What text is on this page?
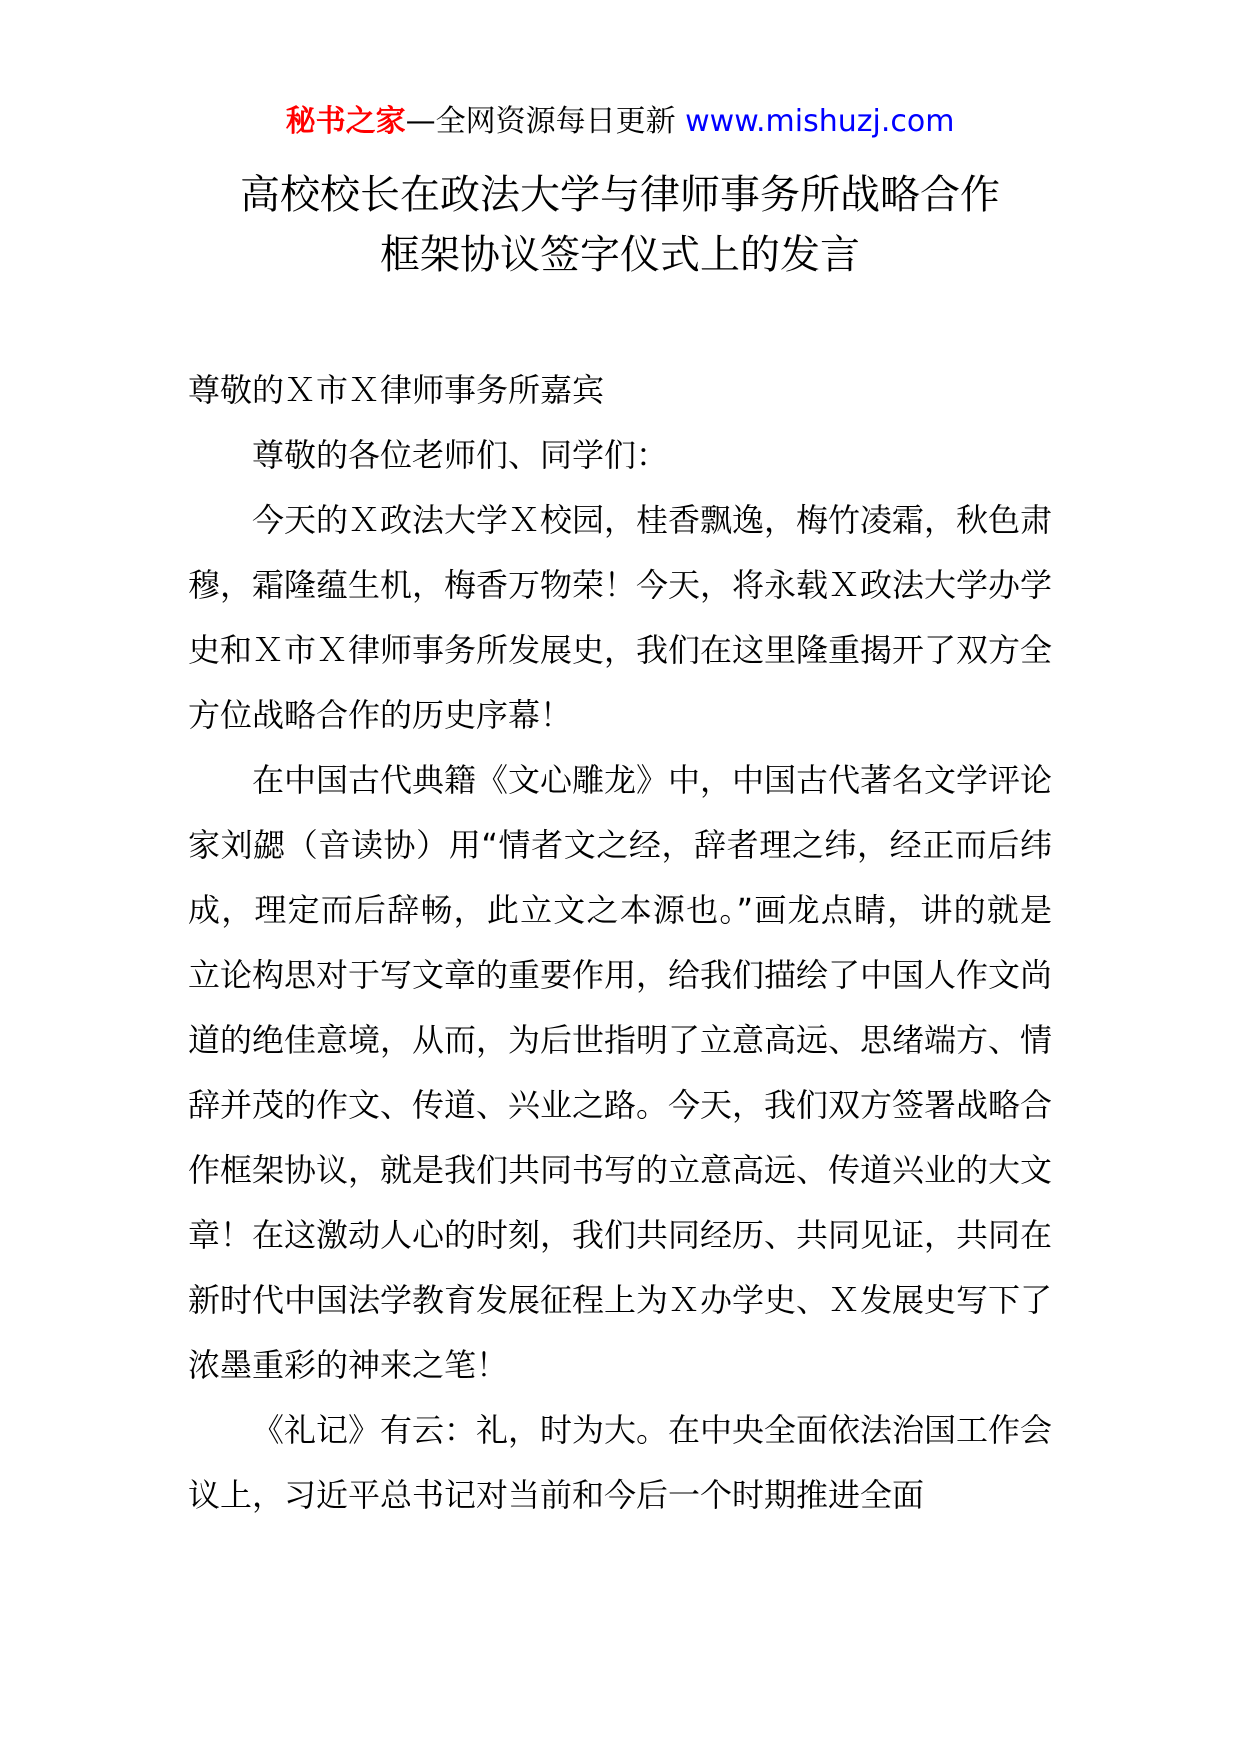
秘书之家—全网资源每日更新 www.mishuzj.com
高校校长在政法大学与律师事务所战略合作
框架协议签字仪式上的发言

尊敬的Ｘ市Ｘ律师事务所嘉宾

尊敬的各位老师们、同学们：

今天的Ｘ政法大学Ｘ校园，桂香飘逸，梅竹凌霜，秋色肃穆，霜隆蕴生机，梅香万物荣！今天，将永载Ｘ政法大学办学史和Ｘ市Ｘ律师事务所发展史，我们在这里隆重揭开了双方全方位战略合作的历史序幕！

在中国古代典籍《文心雕龙》中，中国古代著名文学评论家刘勰（音读协）用“情者文之经，辞者理之纬，经正而后纬成，理定而后辞畅，此立文之本源也。”画龙点睛，讲的就是立论构思对于写文章的重要作用，给我们描绘了中国人作文尚道的绝佳意境，从而，为后世指明了立意高远、思绪端方、情辞并茂的作文、传道、兴业之路。今天，我们双方签署战略合作框架协议，就是我们共同书写的立意高远、传道兴业的大文章！在这激动人心的时刻，我们共同经历、共同见证，共同在新时代中国法学教育发展征程上为Ｘ办学史、Ｘ发展史写下了浓墨重彩的神来之笔！

《礼记》有云：礼，时为大。在中央全面依法治国工作会议上，习近平总书记对当前和今后一个时期推进全面
